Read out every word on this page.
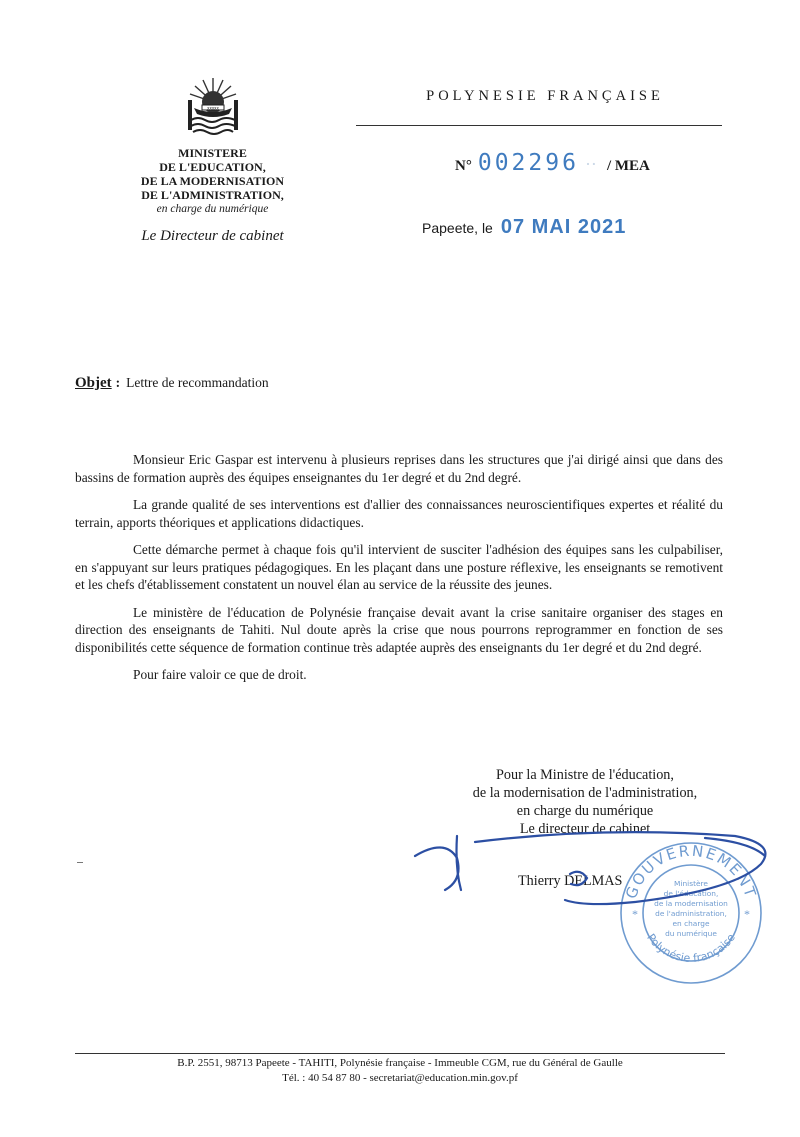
xxxxx
MINISTERE
DE L'EDUCATION,
DE LA MODERNISATION
DE L'ADMINISTRATION,
en charge du numérique
Le Directeur de cabinet
POLYNESIE FRANÇAISE
N° 002296 ·· / MEA
Papeete, le 07 MAI 2021
Objet : Lettre de recommandation

Monsieur Eric Gaspar est intervenu à plusieurs reprises dans les structures que j'ai dirigé ainsi que dans des bassins de formation auprès des équipes enseignantes du 1er degré et du 2nd degré.

La grande qualité de ses interventions est d'allier des connaissances neuroscientifiques expertes et réalité du terrain, apports théoriques et applications didactiques.

Cette démarche permet à chaque fois qu'il intervient de susciter l'adhésion des équipes sans les culpabiliser, en s'appuyant sur leurs pratiques pédagogiques. En les plaçant dans une posture réflexive, les enseignants se remotivent et les chefs d'établissement constatent un nouvel élan au service de la réussite des jeunes.

Le ministère de l'éducation de Polynésie française devait avant la crise sanitaire organiser des stages en direction des enseignants de Tahiti. Nul doute après la crise que nous pourrons reprogrammer en fonction de ses disponibilités cette séquence de formation continue très adaptée auprès des enseignants du 1er degré et du 2nd degré.

Pour faire valoir ce que de droit.

Pour la Ministre de l'éducation,
de la modernisation de l'administration,
en charge du numérique
Le directeur de cabinet
Thierry DELMAS
GOUVERNEMENT
Polynésie française
*	*
Ministère
de l'éducation,
de la modernisation
de l'administration,
en charge
du numérique
B.P. 2551, 98713 Papeete - TAHITI, Polynésie française - Immeuble CGM, rue du Général de Gaulle
Tél. : 40 54 87 80 - secretariat@education.min.gov.pf
